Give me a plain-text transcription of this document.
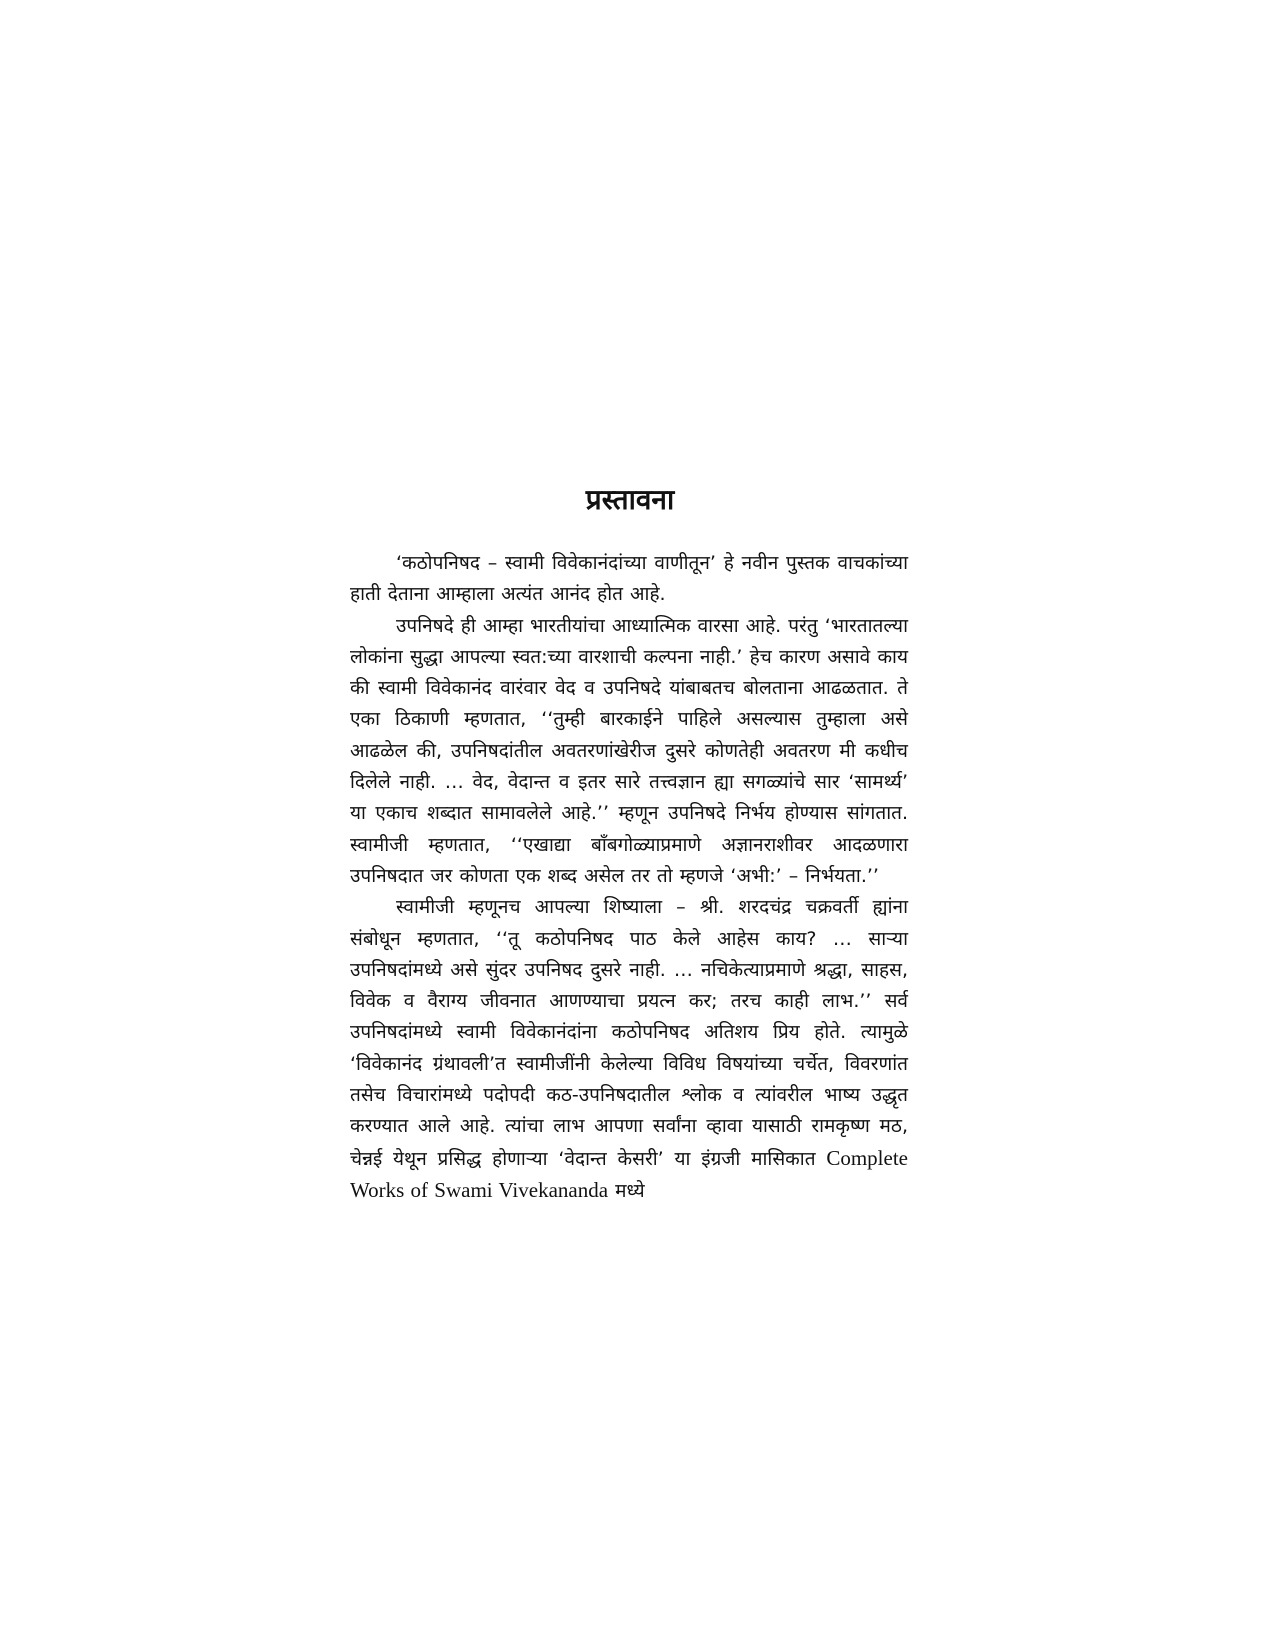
प्रस्तावना

‘कठोपनिषद – स्वामी विवेकानंदांच्या वाणीतून’ हे नवीन पुस्तक वाचकांच्या हाती देताना आम्हाला अत्यंत आनंद होत आहे.

उपनिषदे ही आम्हा भारतीयांचा आध्यात्मिक वारसा आहे. परंतु ‘भारतातल्या लोकांना सुद्धा आपल्या स्वत:च्या वारशाची कल्पना नाही.’ हेच कारण असावे काय की स्वामी विवेकानंद वारंवार वेद व उपनिषदे यांबाबतच बोलताना आढळतात. ते एका ठिकाणी म्हणतात, ‘‘तुम्ही बारकाईने पाहिले असल्यास तुम्हाला असे आढळेल की, उपनिषदांतील अवतरणांखेरीज दुसरे कोणतेही अवतरण मी कधीच दिलेले नाही. … वेद, वेदान्त व इतर सारे तत्त्वज्ञान ह्या सगळ्यांचे सार ‘सामर्थ्य’ या एकाच शब्दात सामावलेले आहे.’’ म्हणून उपनिषदे निर्भय होण्यास सांगतात. स्वामीजी म्हणतात, ‘‘एखाद्या बाँबगोळ्याप्रमाणे अज्ञानराशीवर आदळणारा उपनिषदात जर कोणता एक शब्द असेल तर तो म्हणजे ‘अभी:’ – निर्भयता.’’

स्वामीजी म्हणूनच आपल्या शिष्याला – श्री. शरदचंद्र चक्रवर्ती ह्यांना संबोधून म्हणतात, ‘‘तू कठोपनिषद पाठ केले आहेस काय? … साऱ्या उपनिषदांमध्ये असे सुंदर उपनिषद दुसरे नाही. … नचिकेत्याप्रमाणे श्रद्धा, साहस, विवेक व वैराग्य जीवनात आणण्याचा प्रयत्न कर; तरच काही लाभ.’’ सर्व उपनिषदांमध्ये स्वामी विवेकानंदांना कठोपनिषद अतिशय प्रिय होते. त्यामुळे ‘विवेकानंद ग्रंथावली’त स्वामीजींनी केलेल्या विविध विषयांच्या चर्चेत, विवरणांत तसेच विचारांमध्ये पदोपदी कठ-उपनिषदातील श्लोक व त्यांवरील भाष्य उद्धृत करण्यात आले आहे. त्यांचा लाभ आपणा सर्वांना व्हावा यासाठी रामकृष्ण मठ, चेन्नई येथून प्रसिद्ध होणाऱ्या ‘वेदान्त केसरी’ या इंग्रजी मासिकात Complete Works of Swami Vivekananda मध्ये
